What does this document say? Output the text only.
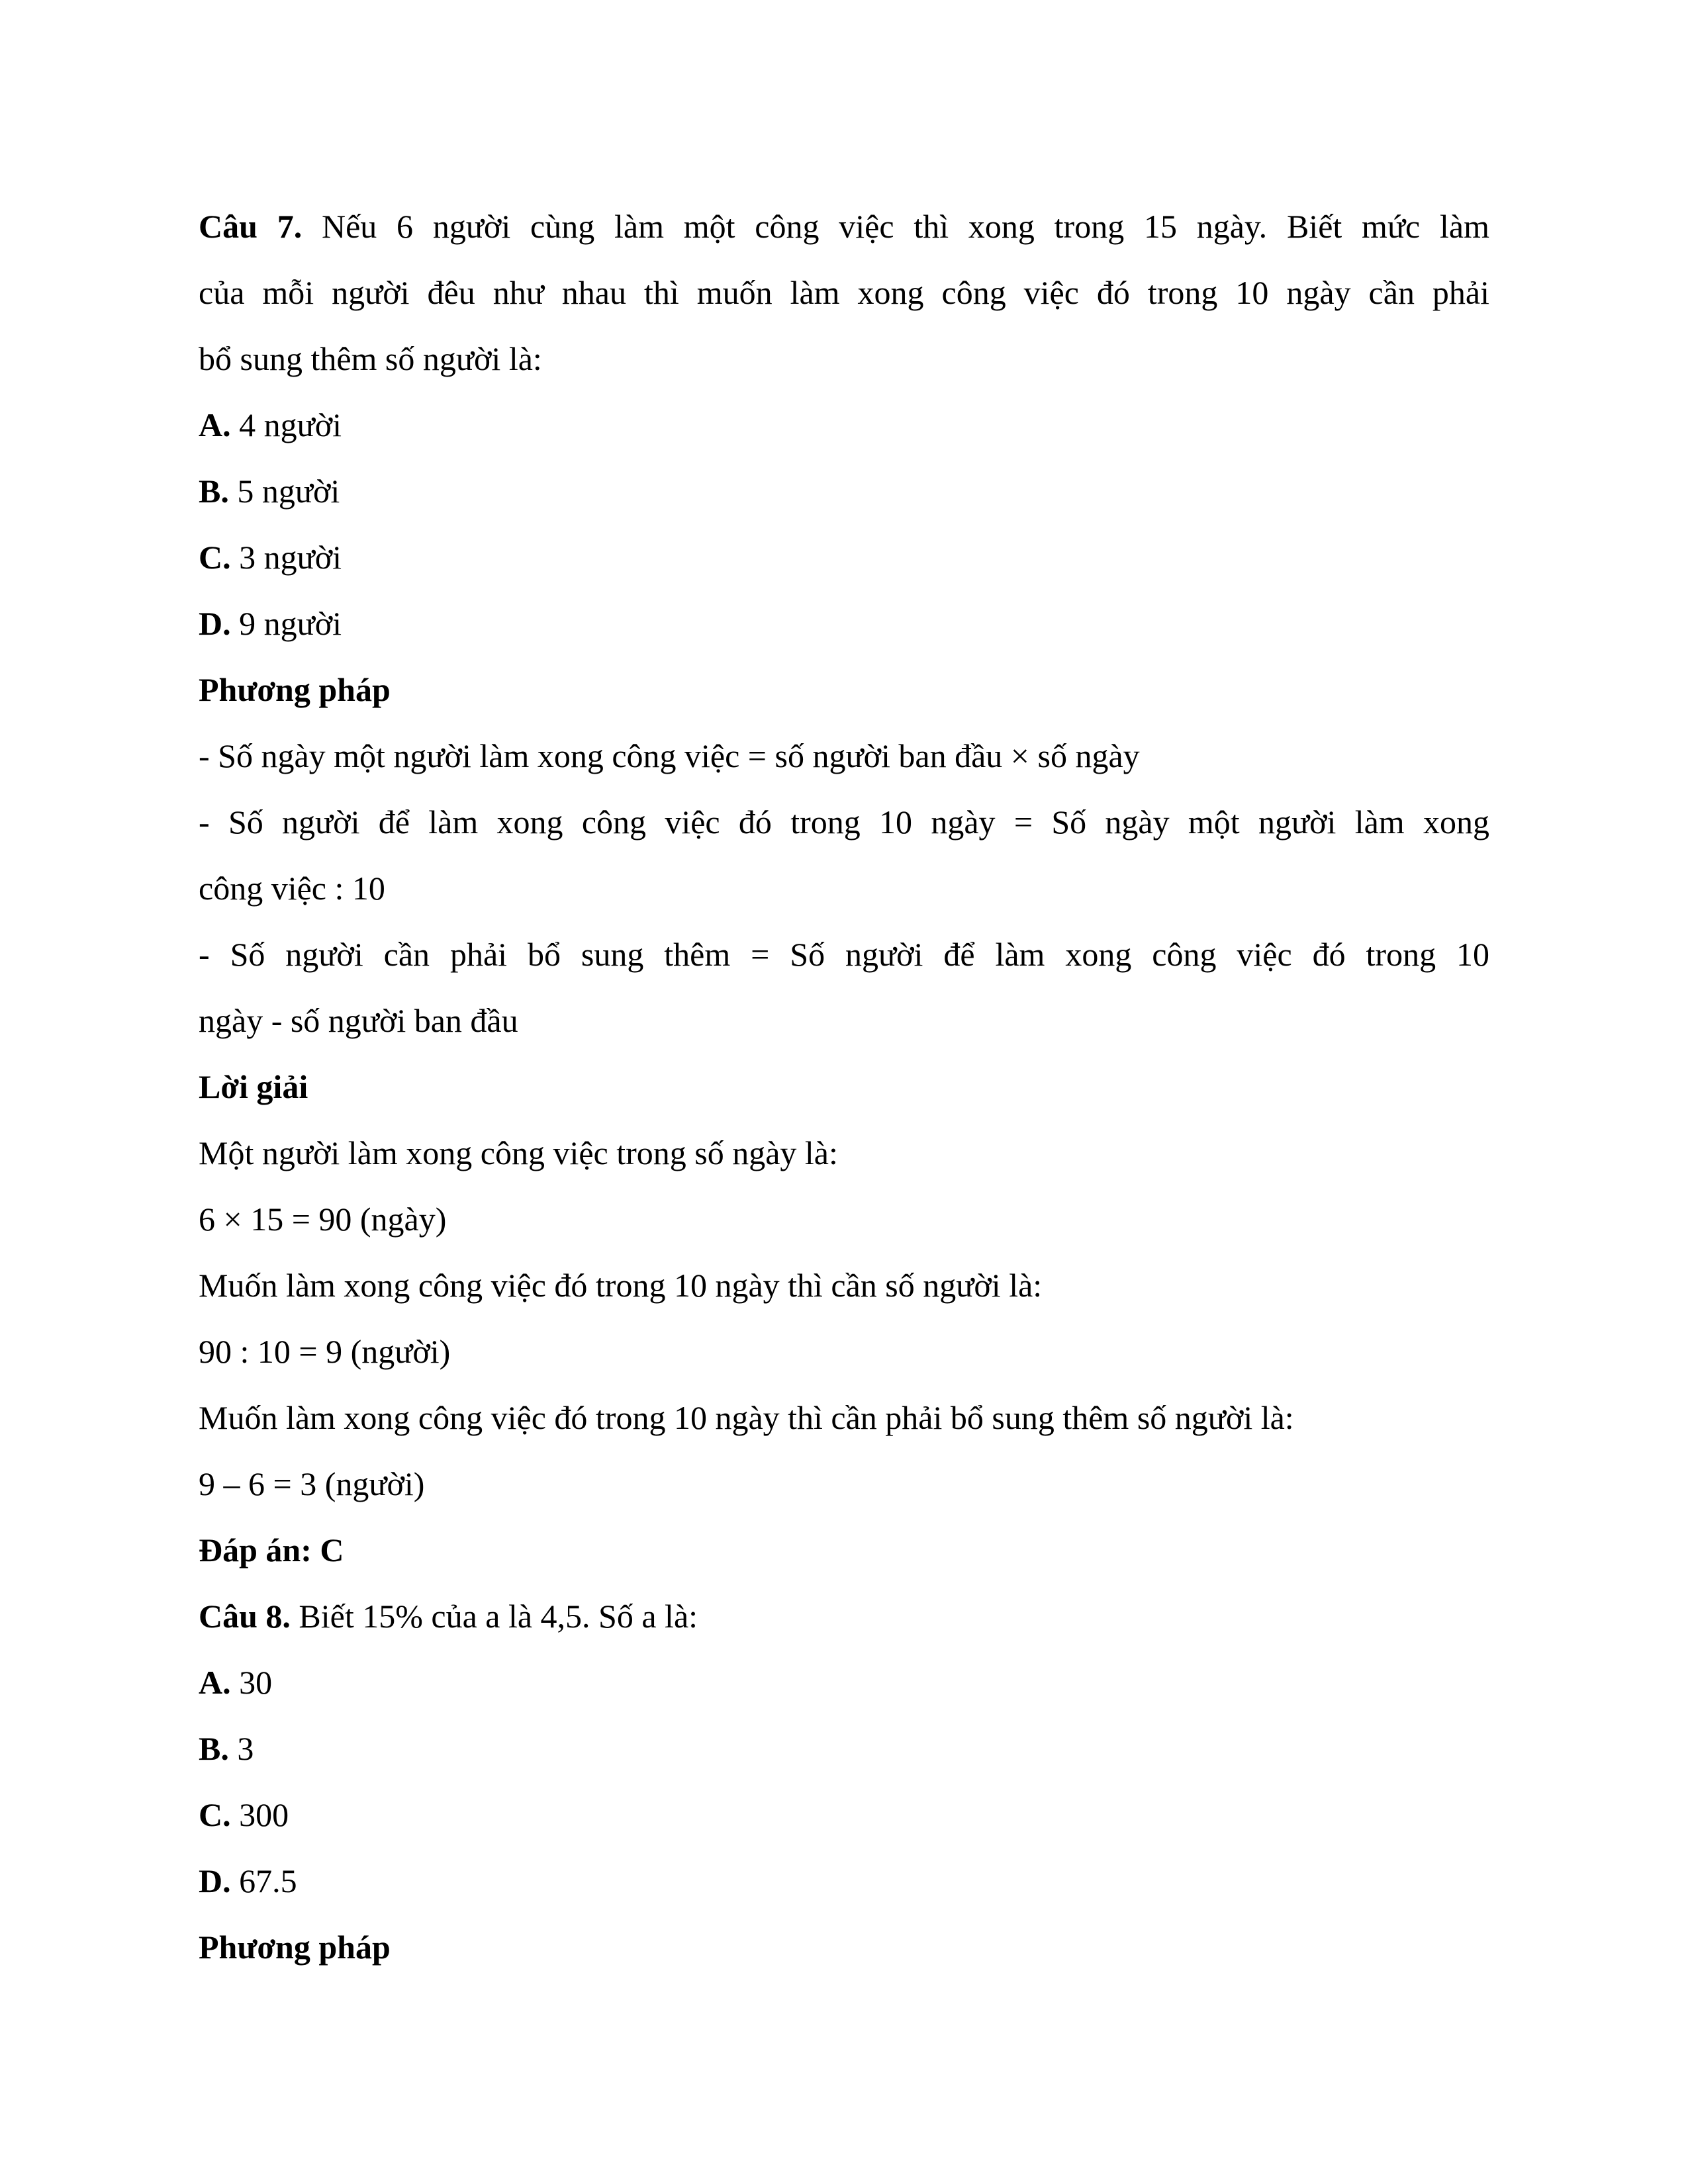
Câu 7. Nếu 6 người cùng làm một công việc thì xong trong 15 ngày. Biết mức làm
của mỗi người đêu như nhau thì muốn làm xong công việc đó trong 10 ngày cần phải
bổ sung thêm số người là:
A. 4 người
B. 5 người
C. 3 người
D. 9 người
Phương pháp
- Số ngày một người làm xong công việc = số người ban đầu × số ngày
- Số người để làm xong công việc đó trong 10 ngày = Số ngày một người làm xong
công việc : 10
- Số người cần phải bổ sung thêm = Số người để làm xong công việc đó trong 10
ngày - số người ban đầu
Lời giải
Một người làm xong công việc trong số ngày là:
6 × 15 = 90 (ngày)
Muốn làm xong công việc đó trong 10 ngày thì cần số người là:
90 : 10 = 9 (người)
Muốn làm xong công việc đó trong 10 ngày thì cần phải bổ sung thêm số người là:
9 – 6 = 3 (người)
Đáp án: C
Câu 8. Biết 15% của a là 4,5. Số a là:
A. 30
B. 3
C. 300
D. 67.5
Phương pháp
